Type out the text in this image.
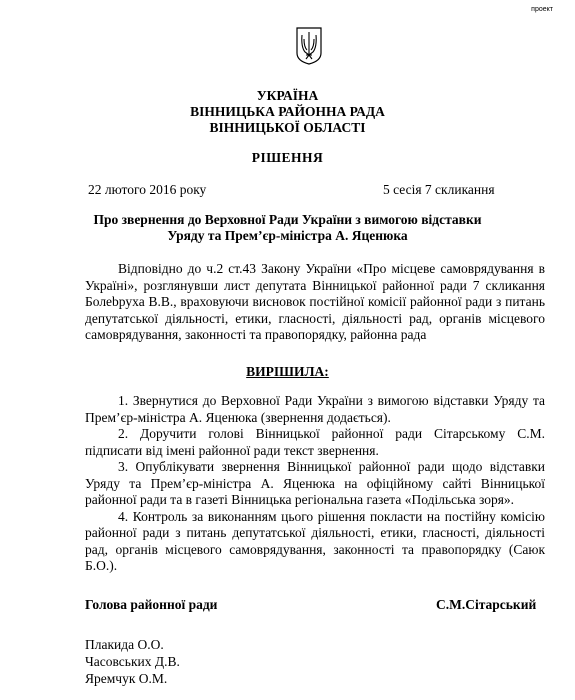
проект
УКРАЇНА
ВІННИЦЬКА РАЙОННА РАДА
ВІННИЦЬКОЇ ОБЛАСТІ
РІШЕННЯ
22 лютого 2016 року	5 сесія 7 скликання
Про звернення до Верховної Ради України з вимогою відставки
Уряду та Прем’єр-міністра А. Яценюка

Відповідно до ч.2 ст.43 Закону України «Про місцеве самоврядування в Україні», розглянувши лист депутата Вінницької районної ради 7 скликання Болеbруха В.В., враховуючи висновок постійної комісії районної ради з питань депутатської діяльності, етики, гласності, діяльності рад, органів місцевого самоврядування, законності та правопорядку, районна рада

ВИРІШИЛА:

1. Звернутися до Верховної Ради України з вимогою відставки Уряду та Прем’єр-міністра А. Яценюка (звернення додається).

2. Доручити голові Вінницької районної ради Сітарському С.М. підписати від імені районної ради текст звернення.

3. Опублікувати звернення Вінницької районної ради щодо відставки Уряду та Прем’єр-міністра А. Яценюка на офіційному сайті Вінницької районної ради та в газеті Вінницька регіональна газета «Подільська зоря».

4. Контроль за виконанням цього рішення покласти на постійну комісію районної ради з питань депутатської діяльності, етики, гласності, діяльності рад, органів місцевого самоврядування, законності та правопорядку (Саюк Б.О.).

Голова районної ради	С.М.Сітарський
Плакида О.О.
Часовських Д.В.
Яремчук О.М.
